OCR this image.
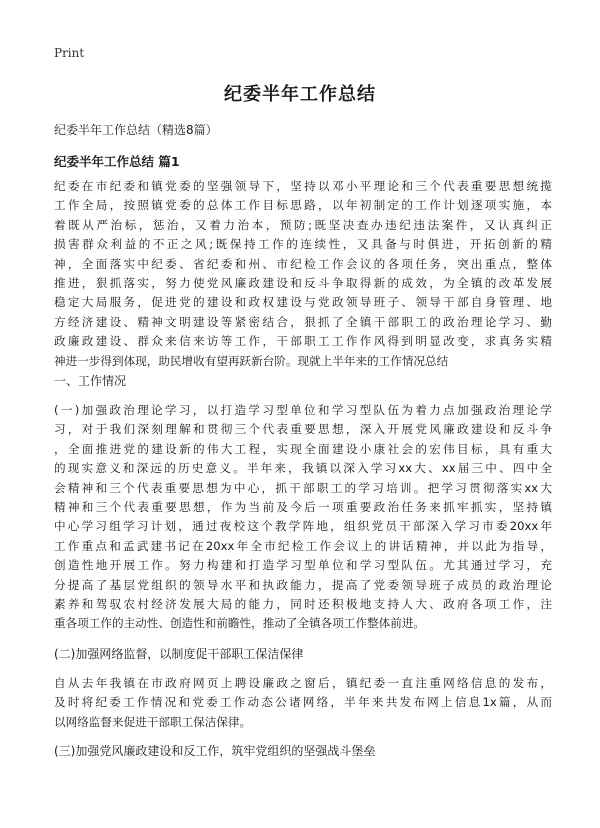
Print
纪委半年工作总结

纪委半年工作总结（精选8篇）

纪委半年工作总结 篇1

纪委在市纪委和镇党委的坚强领导下，坚持以邓小平理论和三个代表重要思想统揽
工作全局，按照镇党委的总体工作目标思路，以年初制定的工作计划逐项实施，本
着既从严治标，惩治，又着力治本，预防;既坚决查办违纪违法案件，又认真纠正
损害群众利益的不正之风;既保持工作的连续性，又具备与时俱进，开拓创新的精
神，全面落实中纪委、省纪委和州、市纪检工作会议的各项任务，突出重点，整体
推进，狠抓落实，努力使党风廉政建设和反斗争取得新的成效，为全镇的改革发展
稳定大局服务，促进党的建设和政权建设与党政领导班子、领导干部自身管理、地
方经济建设、精神文明建设等紧密结合，狠抓了全镇干部职工的政治理论学习、勤
政廉政建设、群众来信来访等工作，干部职工工作作风得到明显改变，求真务实精
神进一步得到体现，助民增收有望再跃新台阶。现就上半年来的工作情况总结

一、工作情况

(一)加强政治理论学习，以打造学习型单位和学习型队伍为着力点加强政治理论学
习，对于我们深刻理解和贯彻三个代表重要思想，深入开展党风廉政建设和反斗争
，全面推进党的建设新的伟大工程，实现全面建设小康社会的宏伟目标，具有重大
的现实意义和深远的历史意义。半年来，我镇以深入学习xx大、xx届三中、四中全
会精神和三个代表重要思想为中心，抓干部职工的学习培训。把学习贯彻落实xx大
精神和三个代表重要思想，作为当前及今后一项重要政治任务来抓牢抓实，坚持镇
中心学习组学习计划，通过夜校这个教学阵地，组织党员干部深入学习市委20xx年
工作重点和孟武建书记在20xx年全市纪检工作会议上的讲话精神，并以此为指导，
创造性地开展工作。努力构建和打造学习型单位和学习型队伍。尤其通过学习，充
分提高了基层党组织的领导水平和执政能力，提高了党委领导班子成员的政治理论
素养和驾驭农村经济发展大局的能力，同时还积极地支持人大、政府各项工作，注
重各项工作的主动性、创造性和前瞻性，推动了全镇各项工作整体前进。

(二)加强网络监督，以制度促干部职工保洁保律

自从去年我镇在市政府网页上聘设廉政之窗后，镇纪委一直注重网络信息的发布，
及时将纪委工作情况和党委工作动态公诸网络，半年来共发布网上信息1x篇，从而
以网络监督来促进干部职工保洁保律。

(三)加强党风廉政建设和反工作，筑牢党组织的坚强战斗堡垒
